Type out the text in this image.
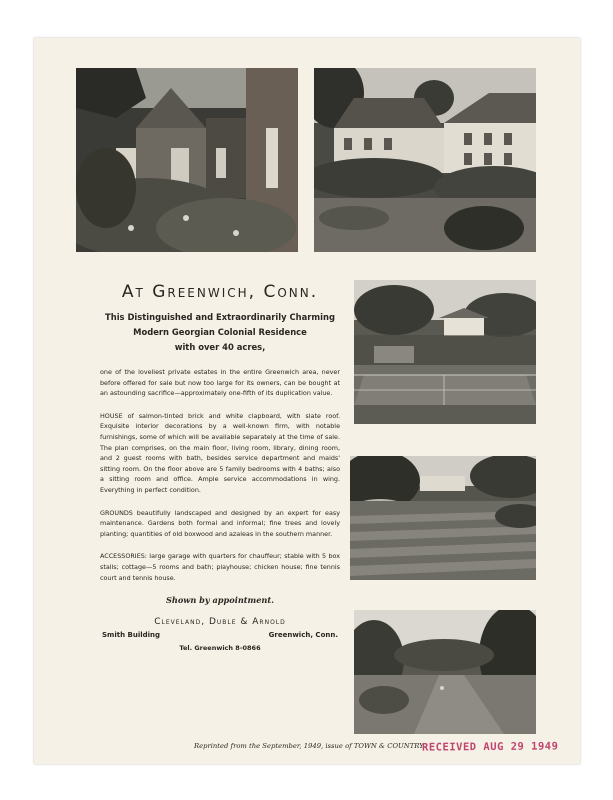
At Greenwich, Conn.

This Distinguished and Extraordinarily Charming

Modern Georgian Colonial Residence

with over 40 acres,

one of the loveliest private estates in the entire Greenwich area, never before offered for sale but now too large for its owners, can be bought at an astounding sacrifice—approximately one-fifth of its duplication value.

HOUSE of salmon-tinted brick and white clapboard, with slate roof. Exquisite interior decorations by a well-known firm, with notable furnishings, some of which will be available separately at the time of sale. The plan comprises, on the main floor, living room, library, dining room, and 2 guest rooms with bath, besides service department and maids' sitting room. On the floor above are 5 family bedrooms with 4 baths; also a sitting room and office. Ample service accommodations in wing. Everything in perfect condition.

GROUNDS beautifully landscaped and designed by an expert for easy maintenance. Gardens both formal and informal; fine trees and lovely planting; quantities of old boxwood and azaleas in the southern manner.

ACCESSORIES: large garage with quarters for chauffeur; stable with 5 box stalls; cottage—5 rooms and bath; playhouse; chicken house; fine tennis court and tennis house.

Shown by appointment.

Cleveland, Duble & Arnold

Smith Building	Greenwich, Conn.

Tel. Greenwich 8-0866

Reprinted from the September, 1949, issue of TOWN & COUNTRY
RECEIVED AUG 29 1949
